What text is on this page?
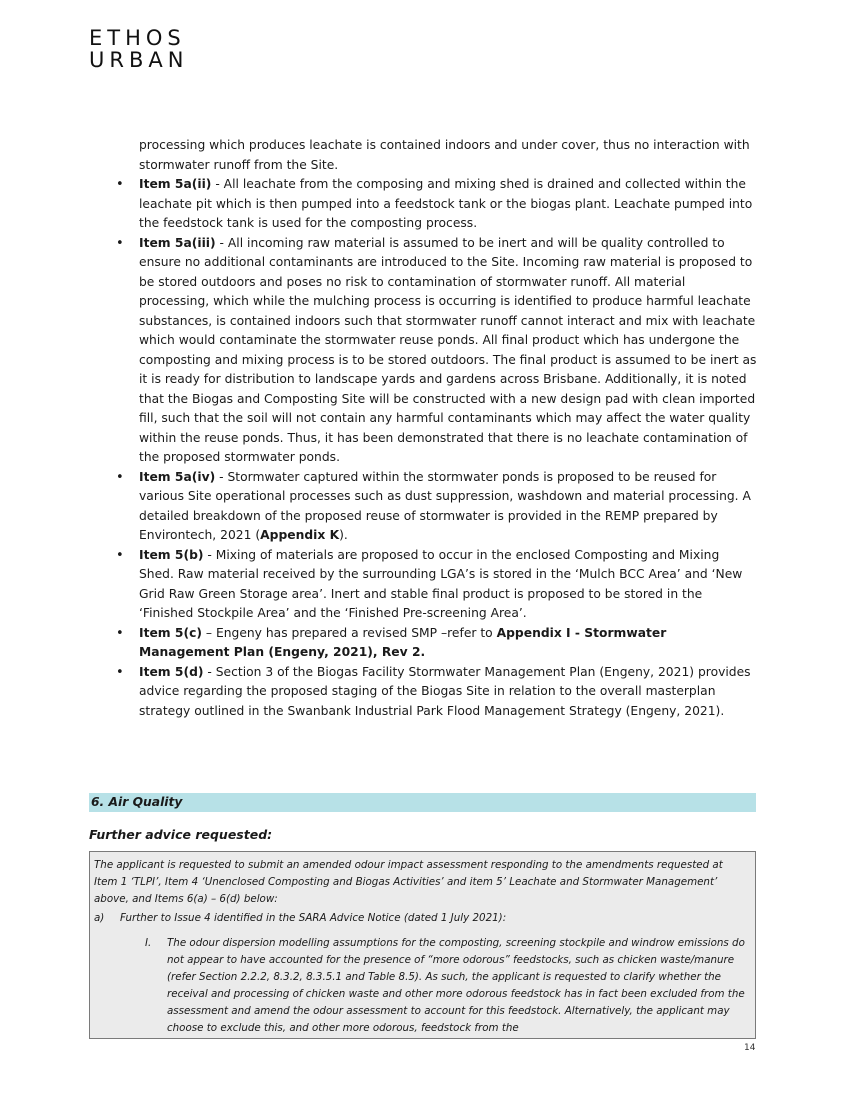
ETHOS
URBAN
processing which produces leachate is contained indoors and under cover, thus no interaction with stormwater runoff from the Site.
• Item 5a(ii) - All leachate from the composing and mixing shed is drained and collected within the leachate pit which is then pumped into a feedstock tank or the biogas plant. Leachate pumped into the feedstock tank is used for the composting process.
• Item 5a(iii) - All incoming raw material is assumed to be inert and will be quality controlled to ensure no additional contaminants are introduced to the Site. Incoming raw material is proposed to be stored outdoors and poses no risk to contamination of stormwater runoff. All material processing, which while the mulching process is occurring is identified to produce harmful leachate substances, is contained indoors such that stormwater runoff cannot interact and mix with leachate which would contaminate the stormwater reuse ponds. All final product which has undergone the composting and mixing process is to be stored outdoors. The final product is assumed to be inert as it is ready for distribution to landscape yards and gardens across Brisbane. Additionally, it is noted that the Biogas and Composting Site will be constructed with a new design pad with clean imported fill, such that the soil will not contain any harmful contaminants which may affect the water quality within the reuse ponds. Thus, it has been demonstrated that there is no leachate contamination of the proposed stormwater ponds.
• Item 5a(iv) - Stormwater captured within the stormwater ponds is proposed to be reused for various Site operational processes such as dust suppression, washdown and material processing. A detailed breakdown of the proposed reuse of stormwater is provided in the REMP prepared by Environtech, 2021 (Appendix K).
• Item 5(b) - Mixing of materials are proposed to occur in the enclosed Composting and Mixing Shed. Raw material received by the surrounding LGA’s is stored in the ‘Mulch BCC Area’ and ‘New Grid Raw Green Storage area’. Inert and stable final product is proposed to be stored in the ‘Finished Stockpile Area’ and the ‘Finished Pre-screening Area’.
• Item 5(c) – Engeny has prepared a revised SMP –refer to Appendix I - Stormwater Management Plan (Engeny, 2021), Rev 2.
• Item 5(d) - Section 3 of the Biogas Facility Stormwater Management Plan (Engeny, 2021) provides advice regarding the proposed staging of the Biogas Site in relation to the overall masterplan strategy outlined in the Swanbank Industrial Park Flood Management Strategy (Engeny, 2021).
6. Air Quality
Further advice requested:
The applicant is requested to submit an amended odour impact assessment responding to the amendments requested at Item 1 ‘TLPI’, Item 4 ‘Unenclosed Composting and Biogas Activities’ and item 5’ Leachate and Stormwater Management’ above, and Items 6(a) – 6(d) below:
a) Further to Issue 4 identified in the SARA Advice Notice (dated 1 July 2021):
I. The odour dispersion modelling assumptions for the composting, screening stockpile and windrow emissions do not appear to have accounted for the presence of “more odorous” feedstocks, such as chicken waste/manure (refer Section 2.2.2, 8.3.2, 8.3.5.1 and Table 8.5). As such, the applicant is requested to clarify whether the receival and processing of chicken waste and other more odorous feedstock has in fact been excluded from the assessment and amend the odour assessment to account for this feedstock. Alternatively, the applicant may choose to exclude this, and other more odorous, feedstock from the
14
